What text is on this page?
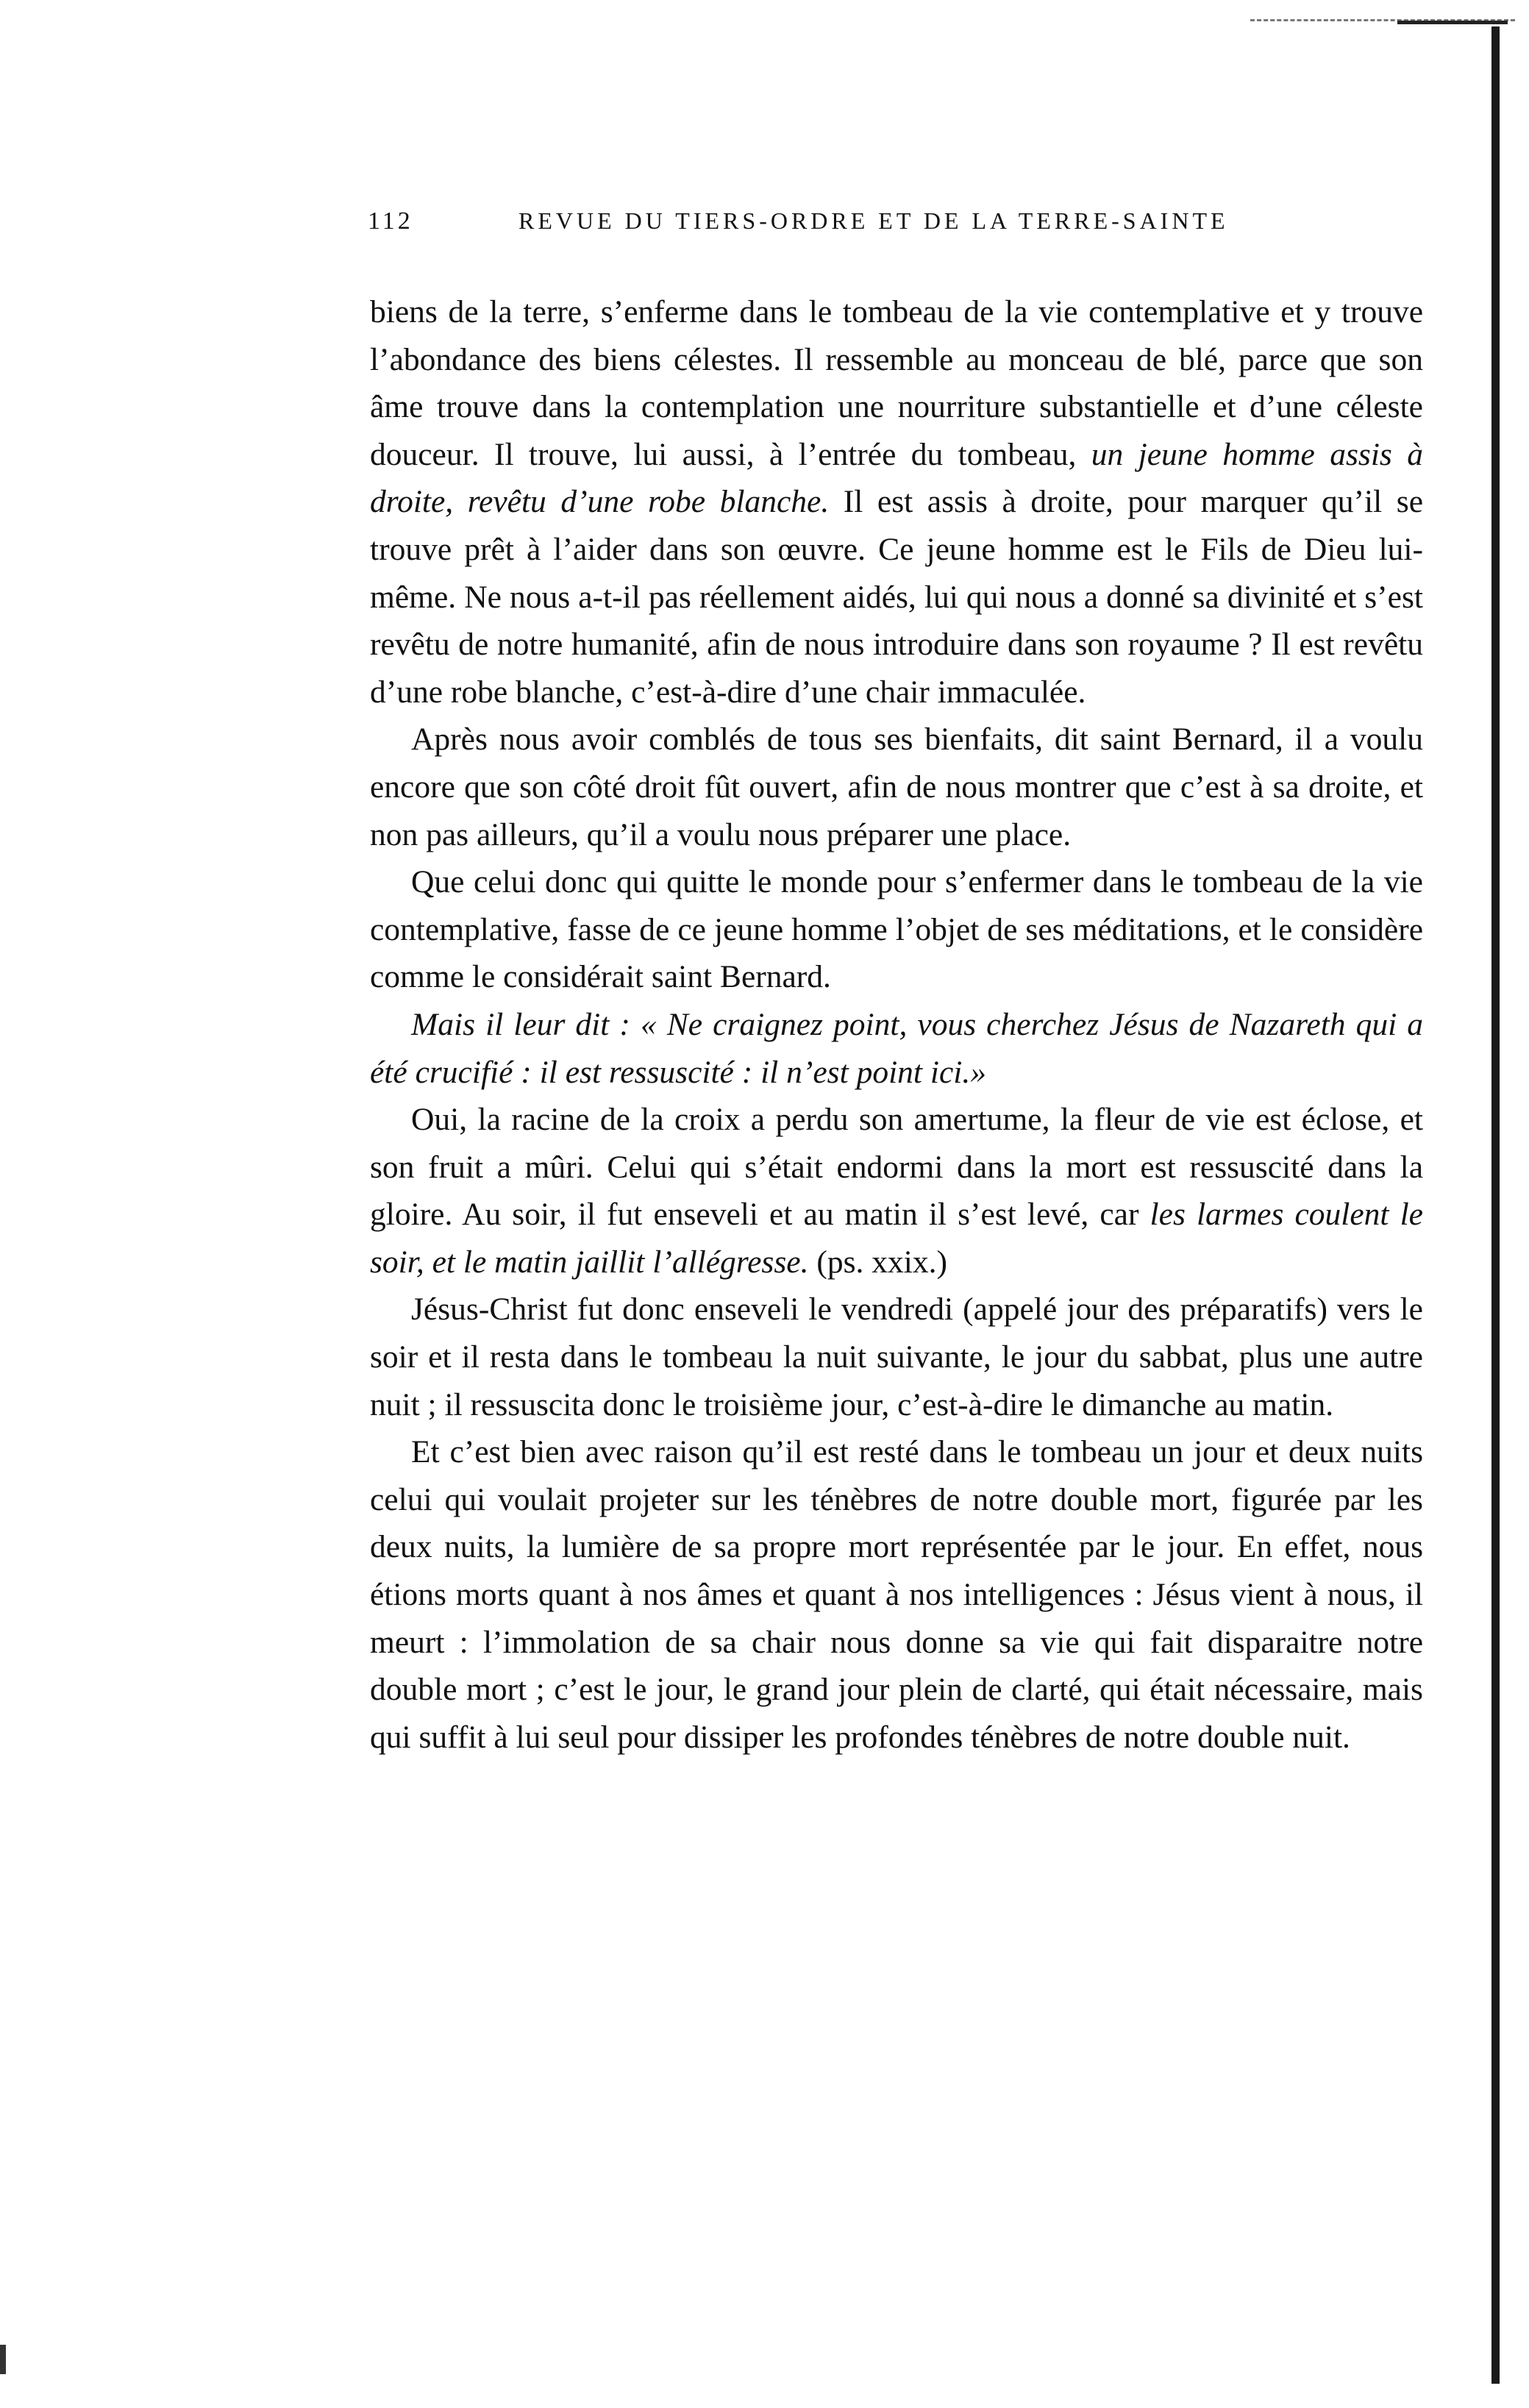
112	REVUE DU TIERS-ORDRE ET DE LA TERRE-SAINTE

biens de la terre, s’enferme dans le tombeau de la vie contemplative et y trouve l’abondance des biens célestes. Il ressemble au monceau de blé, parce que son âme trouve dans la contemplation une nourriture substantielle et d’une céleste douceur. Il trouve, lui aussi, à l’entrée du tombeau, un jeune homme assis à droite, revêtu d’une robe blanche. Il est assis à droite, pour marquer qu’il se trouve prêt à l’aider dans son œuvre. Ce jeune homme est le Fils de Dieu lui-même. Ne nous a-t-il pas réellement aidés, lui qui nous a donné sa divinité et s’est revêtu de notre humanité, afin de nous introduire dans son royaume ? Il est revêtu d’une robe blanche, c’est-à-dire d’une chair immaculée.

Après nous avoir comblés de tous ses bienfaits, dit saint Bernard, il a voulu encore que son côté droit fût ouvert, afin de nous montrer que c’est à sa droite, et non pas ailleurs, qu’il a voulu nous préparer une place.

Que celui donc qui quitte le monde pour s’enfermer dans le tombeau de la vie contemplative, fasse de ce jeune homme l’objet de ses méditations, et le considère comme le considérait saint Bernard.

Mais il leur dit : « Ne craignez point, vous cherchez Jésus de Nazareth qui a été crucifié : il est ressuscité : il n’est point ici.»

Oui, la racine de la croix a perdu son amertume, la fleur de vie est éclose, et son fruit a mûri. Celui qui s’était endormi dans la mort est ressuscité dans la gloire. Au soir, il fut enseveli et au matin il s’est levé, car les larmes coulent le soir, et le matin jaillit l’allégresse. (ps. xxix.)

Jésus-Christ fut donc enseveli le vendredi (appelé jour des préparatifs) vers le soir et il resta dans le tombeau la nuit suivante, le jour du sabbat, plus une autre nuit ; il ressuscita donc le troisième jour, c’est-à-dire le dimanche au matin.

Et c’est bien avec raison qu’il est resté dans le tombeau un jour et deux nuits celui qui voulait projeter sur les ténèbres de notre double mort, figurée par les deux nuits, la lumière de sa propre mort représentée par le jour. En effet, nous étions morts quant à nos âmes et quant à nos intelligences : Jésus vient à nous, il meurt : l’immolation de sa chair nous donne sa vie qui fait disparaitre notre double mort ; c’est le jour, le grand jour plein de clarté, qui était nécessaire, mais qui suffit à lui seul pour dissiper les profondes ténèbres de notre double nuit.
